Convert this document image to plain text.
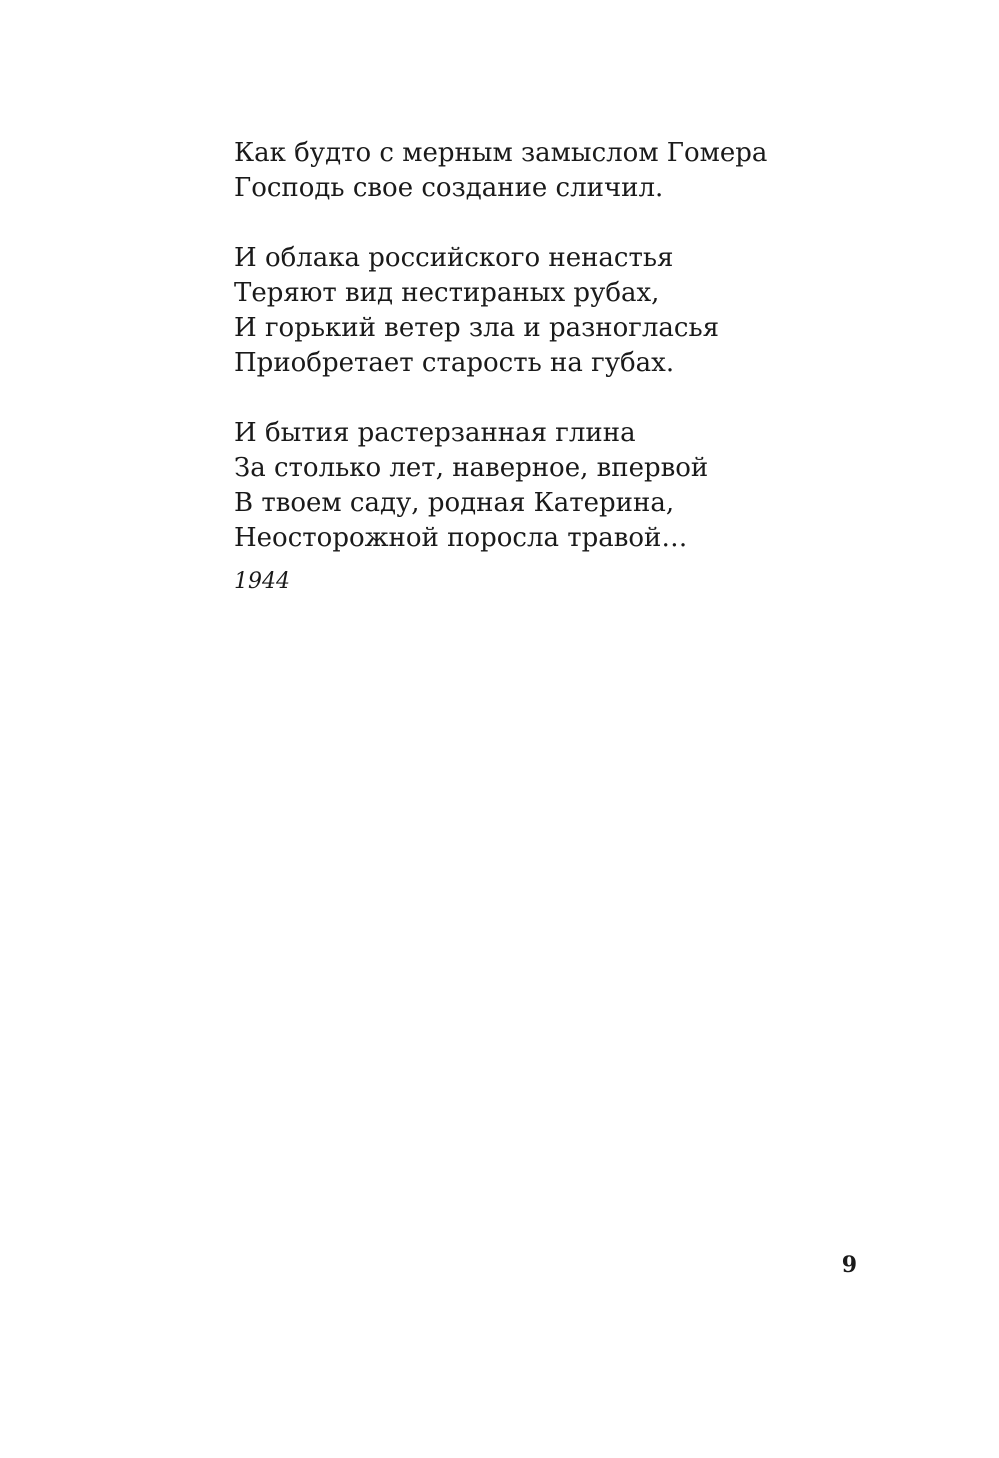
Как будто с мерным замыслом Гомера
Господь свое создание сличил.
И облака российского ненастья
Теряют вид нестираных рубах,
И горький ветер зла и разногласья
Приобретает старость на губах.
И бытия растерзанная глина
За столько лет, наверное, впервой
В твоем саду, родная Катерина,
Неосторожной поросла травой…
1944
9
